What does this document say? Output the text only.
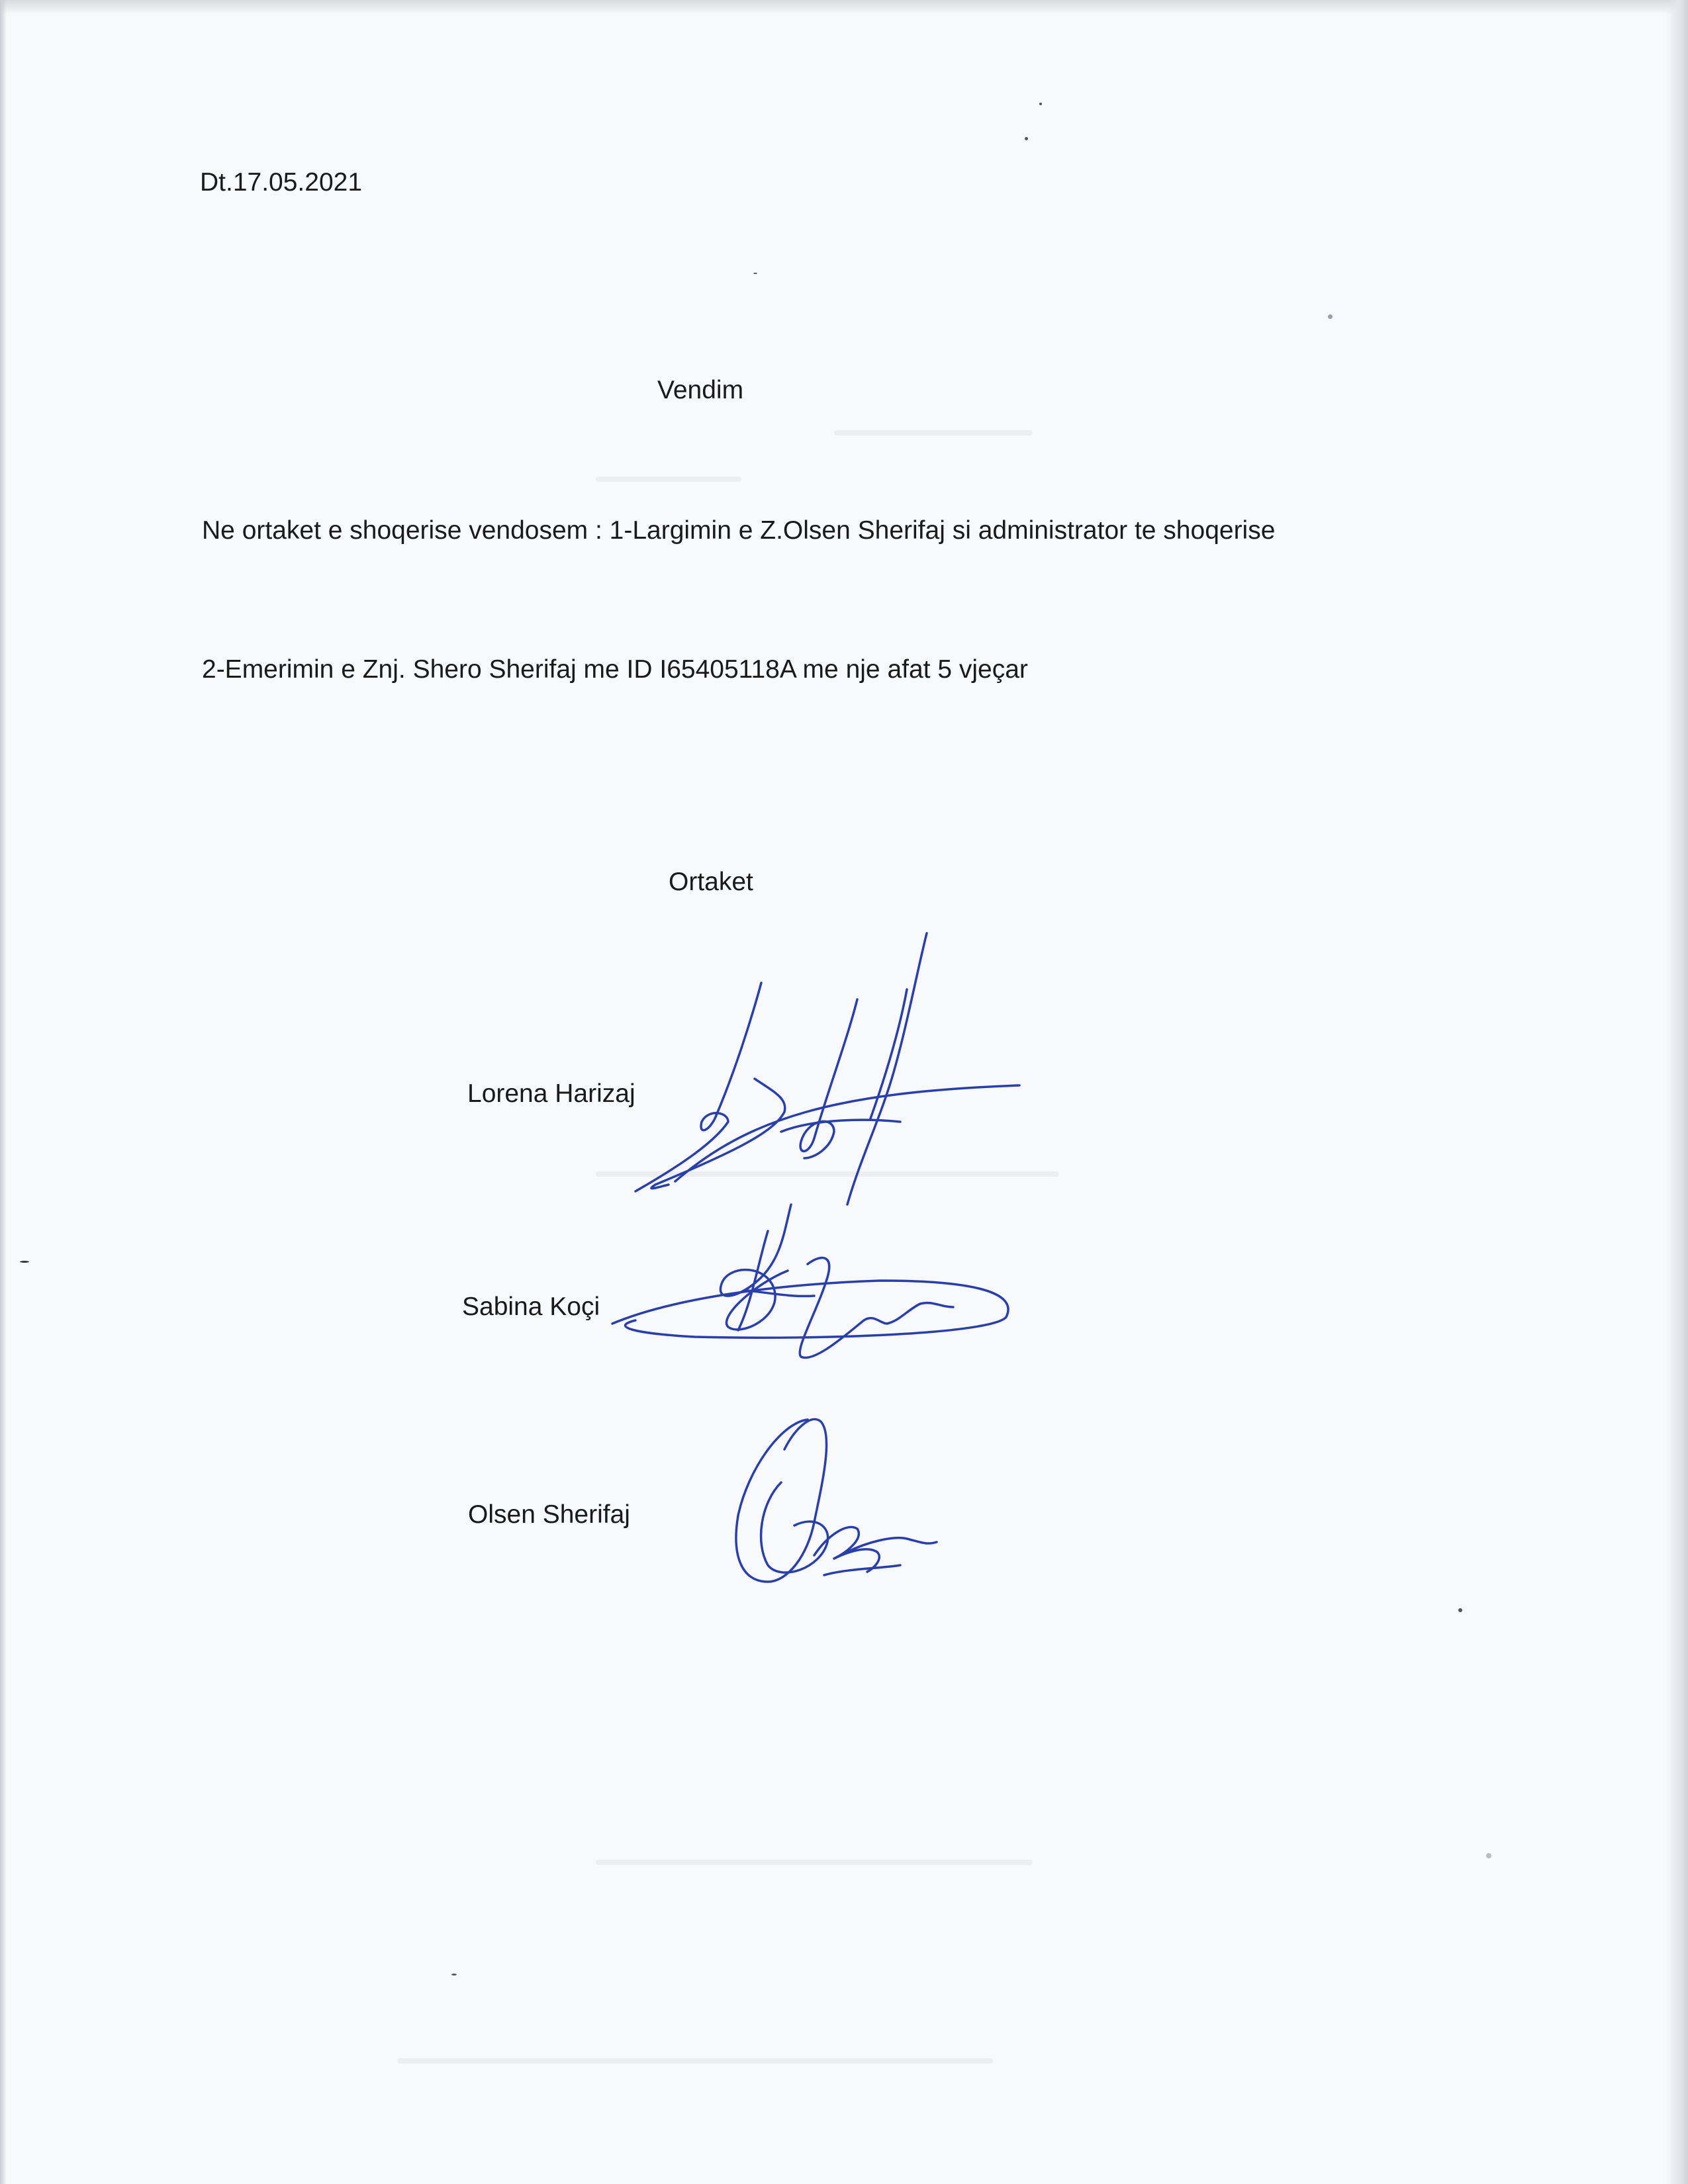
Dt.17.05.2021
Vendim
Ne ortaket e shoqerise vendosem : 1-Largimin e Z.Olsen Sherifaj si administrator te shoqerise
2-Emerimin e Znj. Shero Sherifaj me ID I65405118A me nje afat 5 vjeçar
Ortaket
Lorena Harizaj
Sabina Koçi
Olsen Sherifaj
